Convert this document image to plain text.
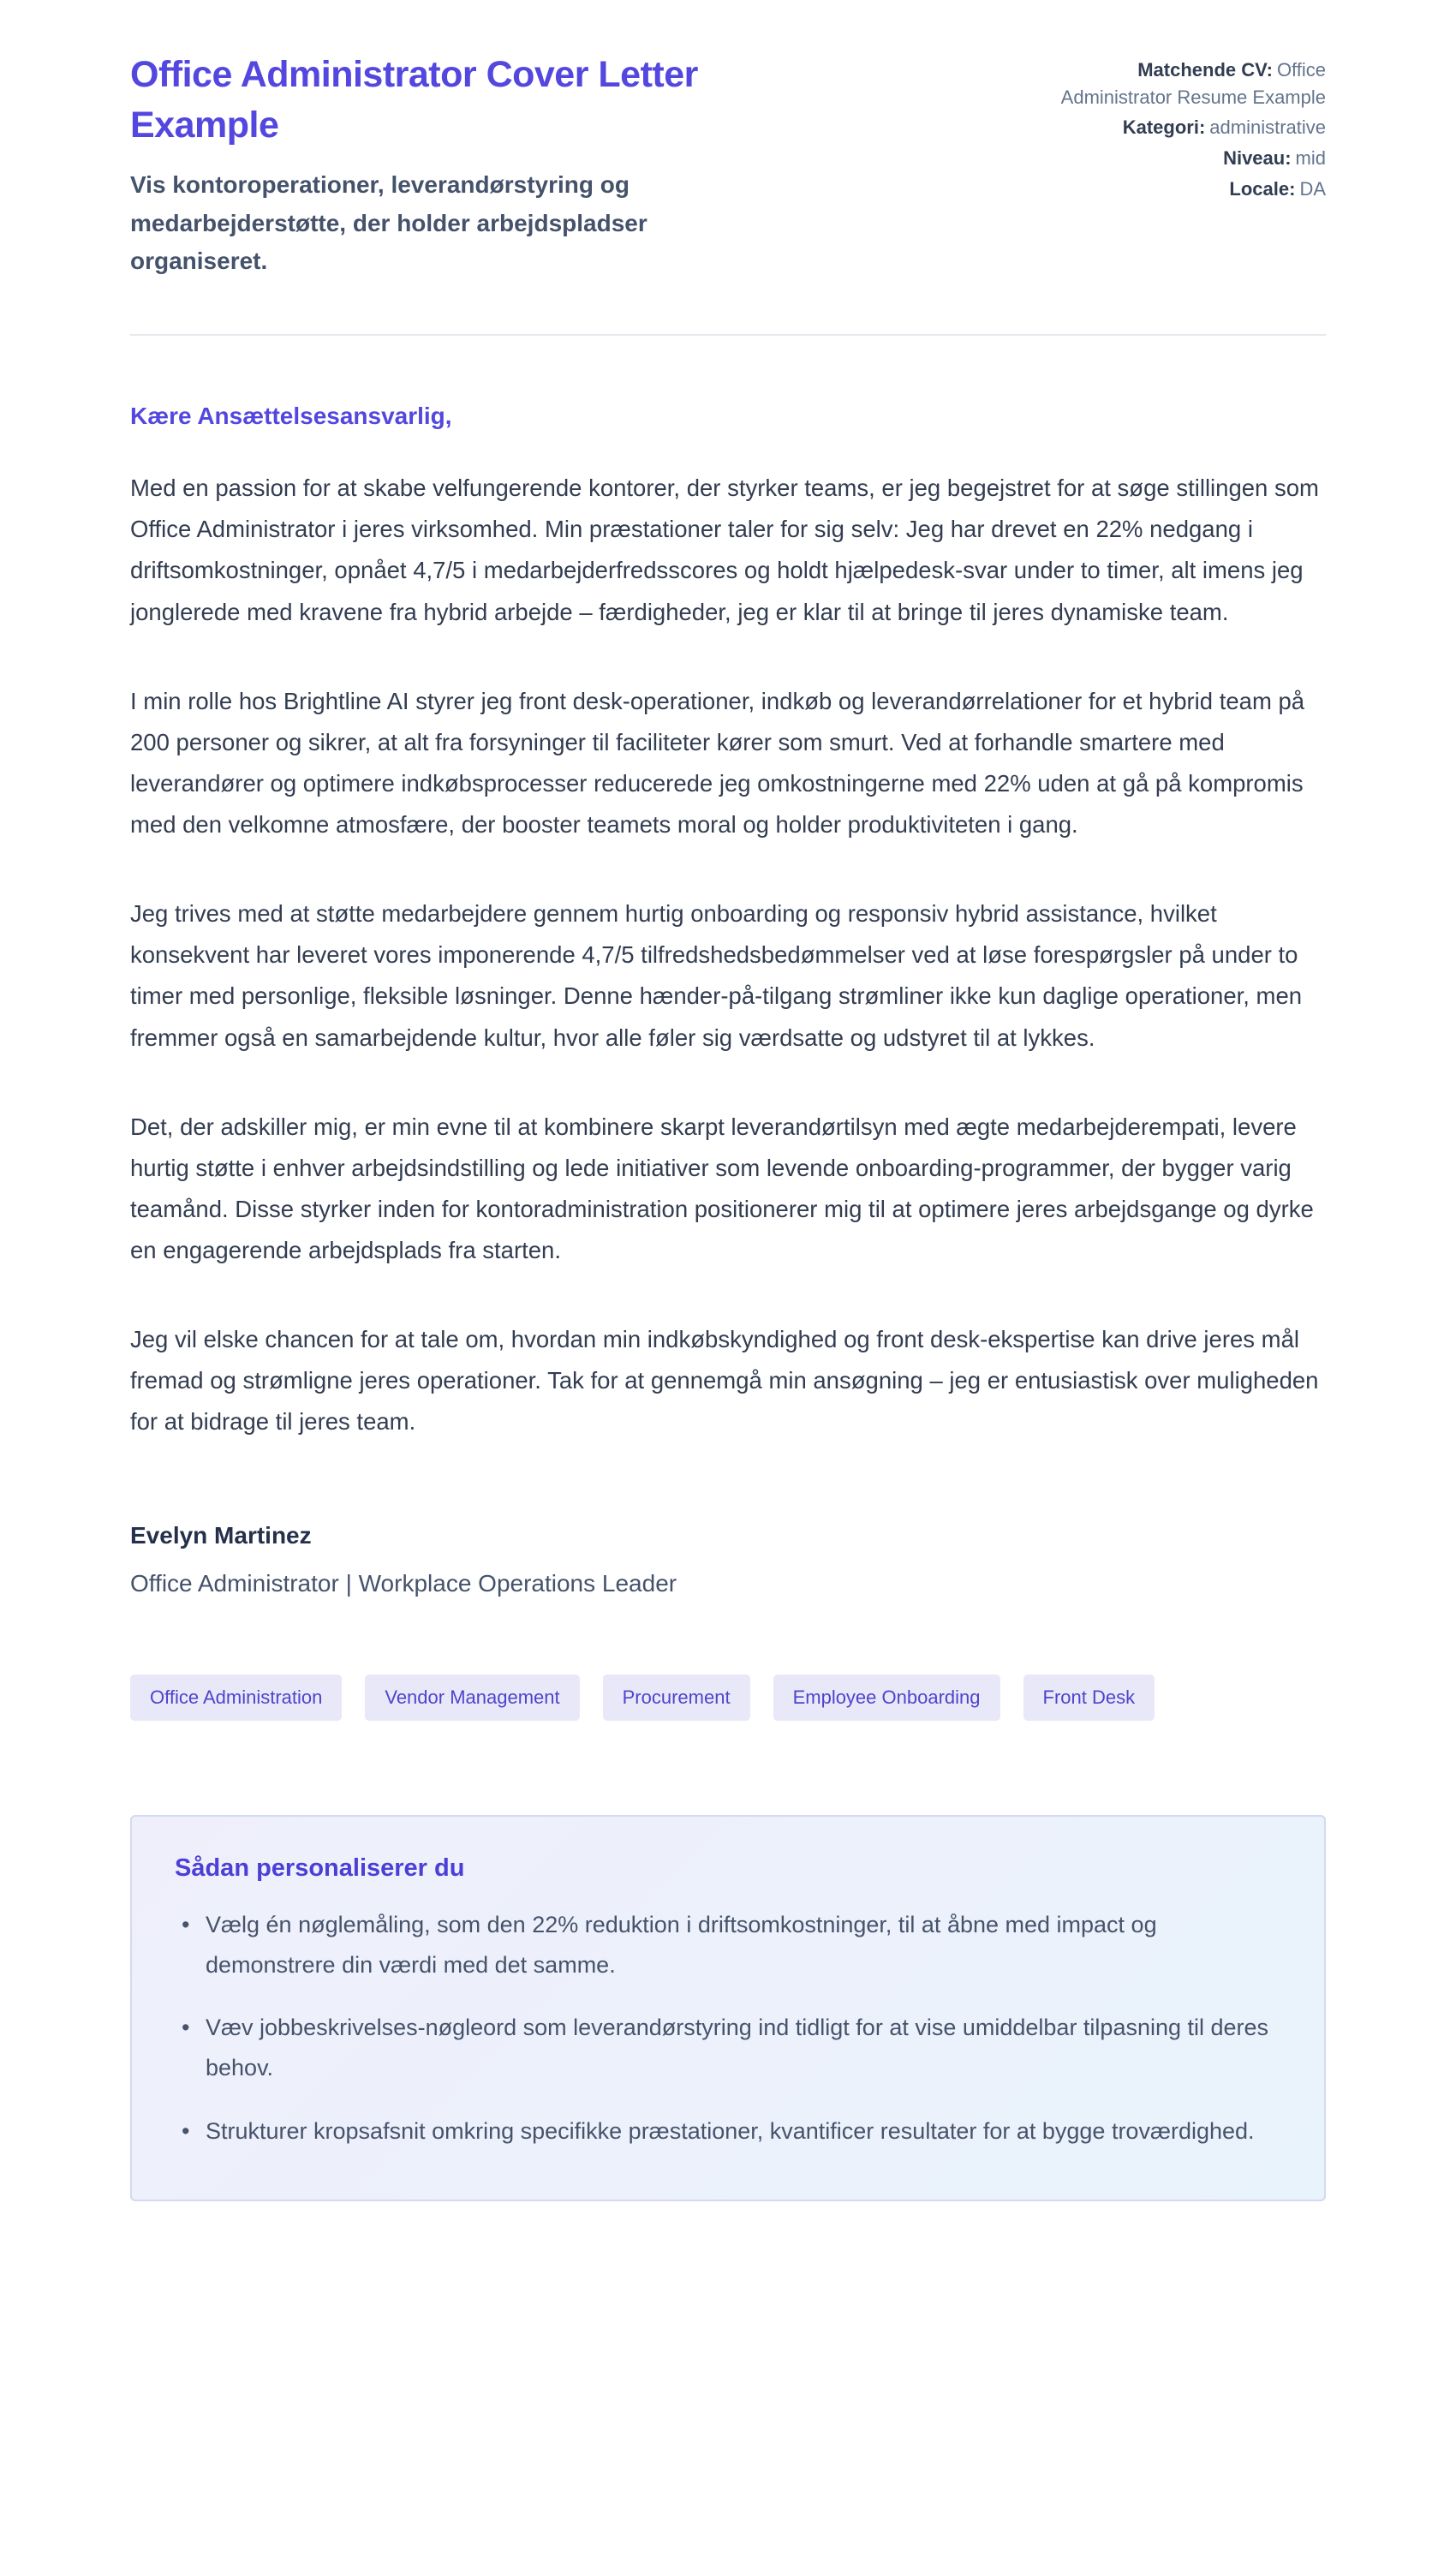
Office Administrator Cover Letter Example

Vis kontoroperationer, leverandørstyring og medarbejderstøtte, der holder arbejdspladser organiseret.

Matchende CV: Office Administrator Resume Example
Kategori: administrative
Niveau: mid
Locale: DA

Kære Ansættelsesansvarlig,

Med en passion for at skabe velfungerende kontorer, der styrker teams, er jeg begejstret for at søge stillingen som Office Administrator i jeres virksomhed. Min præstationer taler for sig selv: Jeg har drevet en 22% nedgang i driftsomkostninger, opnået 4,7/5 i medarbejderfredsscores og holdt hjælpedesk-svar under to timer, alt imens jeg jonglerede med kravene fra hybrid arbejde – færdigheder, jeg er klar til at bringe til jeres dynamiske team.

I min rolle hos Brightline AI styrer jeg front desk-operationer, indkøb og leverandørrelationer for et hybrid team på 200 personer og sikrer, at alt fra forsyninger til faciliteter kører som smurt. Ved at forhandle smartere med leverandører og optimere indkøbsprocesser reducerede jeg omkostningerne med 22% uden at gå på kompromis med den velkomne atmosfære, der booster teamets moral og holder produktiviteten i gang.

Jeg trives med at støtte medarbejdere gennem hurtig onboarding og responsiv hybrid assistance, hvilket konsekvent har leveret vores imponerende 4,7/5 tilfredshedsbedømmelser ved at løse forespørgsler på under to timer med personlige, fleksible løsninger. Denne hænder-på-tilgang strømliner ikke kun daglige operationer, men fremmer også en samarbejdende kultur, hvor alle føler sig værdsatte og udstyret til at lykkes.

Det, der adskiller mig, er min evne til at kombinere skarpt leverandørtilsyn med ægte medarbejderempati, levere hurtig støtte i enhver arbejdsindstilling og lede initiativer som levende onboarding-programmer, der bygger varig teamånd. Disse styrker inden for kontoradministration positionerer mig til at optimere jeres arbejdsgange og dyrke en engagerende arbejdsplads fra starten.

Jeg vil elske chancen for at tale om, hvordan min indkøbskyndighed og front desk-ekspertise kan drive jeres mål fremad og strømligne jeres operationer. Tak for at gennemgå min ansøgning – jeg er entusiastisk over muligheden for at bidrage til jeres team.

Evelyn Martinez

Office Administrator | Workplace Operations Leader

Office Administration	Vendor Management	Procurement	Employee Onboarding	Front Desk
Sådan personaliserer du
• Vælg én nøglemåling, som den 22% reduktion i driftsomkostninger, til at åbne med impact og demonstrere din værdi med det samme.
• Væv jobbeskrivelses-nøgleord som leverandørstyring ind tidligt for at vise umiddelbar tilpasning til deres behov.
• Strukturer kropsafsnit omkring specifikke præstationer, kvantificer resultater for at bygge troværdighed.
